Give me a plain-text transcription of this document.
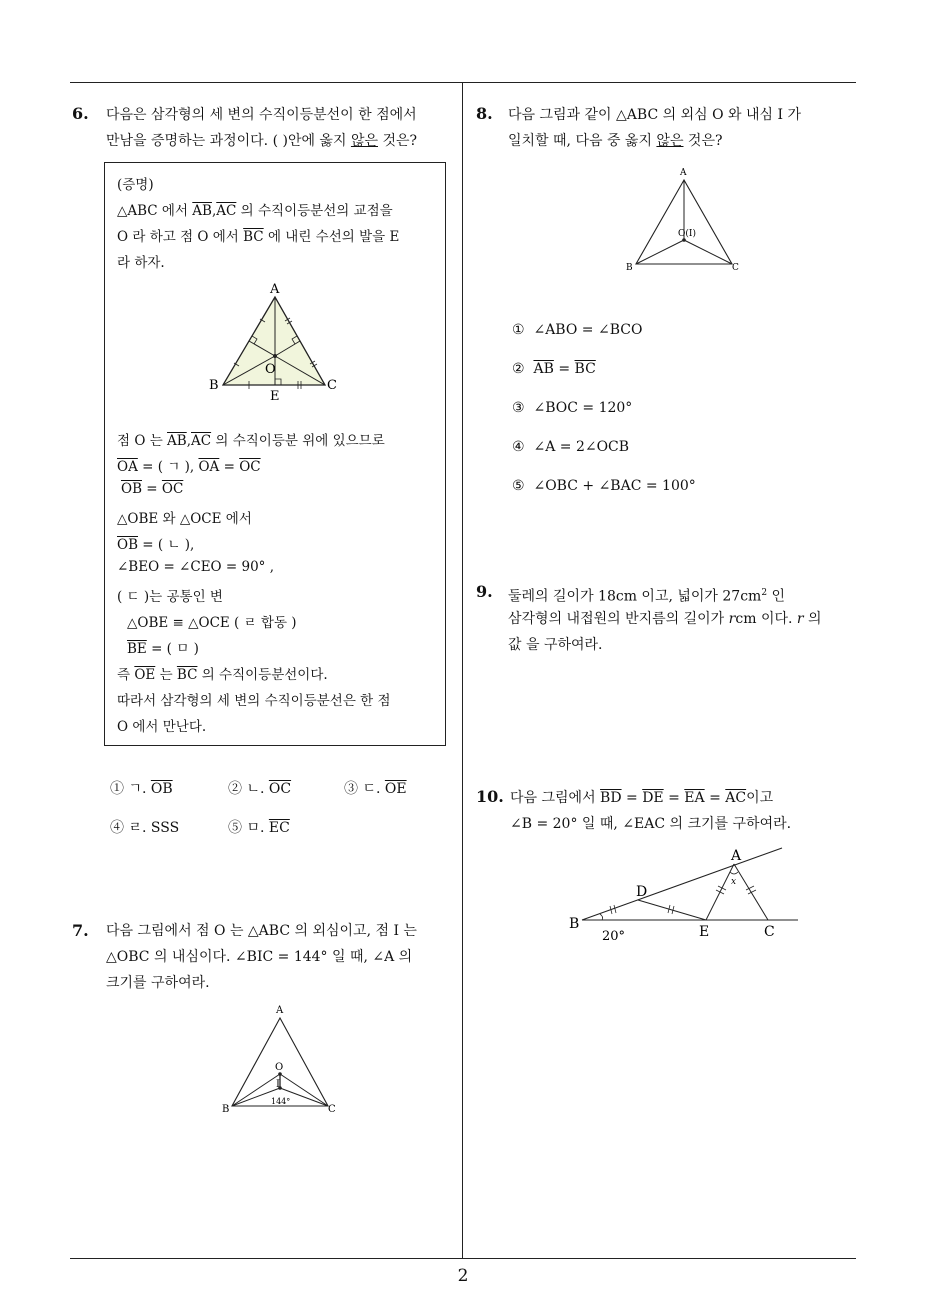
6. 다음은 삼각형의 세 변의 수직이등분선이 한 점에서
만남을 증명하는 과정이다. ( )안에 옳지 않은 것은?
(증명)
△ABC 에서 $\overline{AB},\overline{AC}$ 의 수직이등분선의 교점을
O 라 하고 점 O 에서 $\overline{BC}$ 에 내린 수선의 발을 E
라 하자.
A
B	C
O
E
점 O 는 $\overline{AB},\overline{AC}$ 의 수직이등분 위에 있으므로
$\overline{OA}$ = ( ㄱ ), $\overline{OA} = \overline{OC}$
$\overline{OB} = \overline{OC}$
△OBE 와 △OCE 에서
$\overline{OB}$ = ( ㄴ ),
∠BEO = ∠CEO = 90° ,
( ㄷ )는 공통인 변
△OBE ≡ △OCE ( ㄹ 합동 )
$\overline{BE}$ = ( ㅁ )
즉 $\overline{OE}$ 는 $\overline{BC}$ 의 수직이등분선이다.
따라서 삼각형의 세 변의 수직이등분선은 한 점
O 에서 만난다.
① ㄱ. $\overline{OB}$	② ㄴ. $\overline{OC}$	③ ㄷ. $\overline{OE}$
④ ㄹ. SSS	⑤ ㅁ. $\overline{EC}$
7. 다음 그림에서 점 O 는 △ABC 의 외심이고, 점 I 는
△OBC 의 내심이다. ∠BIC = 144° 일 때, ∠A 의
크기를 구하여라.
A
O
I
B	C
144°
8. 다음 그림과 같이 △ABC 의 외심 O 와 내심 I 가
일치할 때, 다음 중 옳지 않은 것은?
A
O(I)
B	C
① ∠ABO = ∠BCO
② $\overline{AB} = \overline{BC}$
③ ∠BOC = 120°
④ ∠A = 2∠OCB
⑤ ∠OBC + ∠BAC = 100°
9. 둘레의 길이가 18cm 이고, 넓이가 $27cm^2$ 인
삼각형의 내접원의 반지름의 길이가 rcm 이다. r 의
값 을 구하여라.
10. 다음 그림에서 $\overline{BD} = \overline{DE} = \overline{EA} = \overline{AC}$이고
∠B = 20° 일 때, ∠EAC 의 크기를 구하여라.
A
D
B	E	C
x
20°
2
